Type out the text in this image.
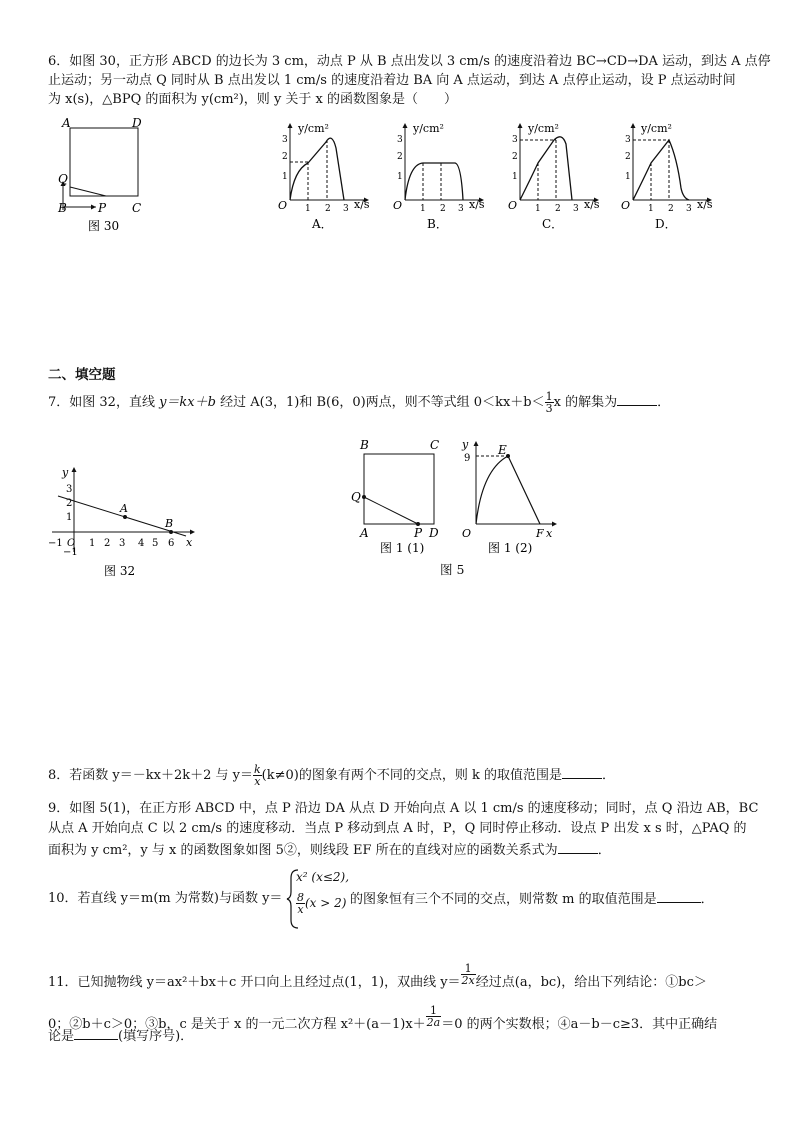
6．如图 30，正方形 ABCD 的边长为 3 cm，动点 P 从 B 点出发以 3 cm/s 的速度沿着边 BC→CD→DA 运动，到达 A 点停
止运动；另一动点 Q 同时从 B 点出发以 1 cm/s 的速度沿着边 BA 向 A 点运动，到达 A 点停止运动，设 P 点运动时间
为 x(s)，△BPQ 的面积为 y(cm²)，则 y 关于 x 的函数图象是（　　）
A	D
Q
B	P C
图 30
y/cm²
x/s
O
3
2
1
1 2 3
A．
y/cm²
x/s
O
3
2
1
1 2 3
B．
y/cm²
x/s
O
3
2
1
1 2 3
C．
y/cm²
x/s
O
3
2
1
1 2 3
D．
二、填空题
7．如图 32，直线 y＝kx＋b 经过 A(3，1)和 B(6，0)两点，则不等式组 $0<kx+b< \frac{1}{3}$ x 的解集为	．
y
x
−1 O
−1
3
2
1
1 2 3 4 5 6
A
B
图 32
B	C
Q
A	P D
图 1 (1)
y
x
O
9
E
F
图 1 (2)
图 5
8．若函数 y＝－kx＋2k＋2 与 $y= \frac{k}{x} (k\ne 0)$的图象有两个不同的交点，则 k 的取值范围是	．
9．如图 5(1)，在正方形 ABCD 中，点 P 沿边 DA 从点 D 开始向点 A 以 1 cm/s 的速度移动；同时，点 Q 沿边 AB，BC
从点 A 开始向点 C 以 2 cm/s 的速度移动．当点 P 移动到点 A 时，P，Q 同时停止移动．设点 P 出发 x s 时，△PAQ 的
面积为 y cm²，y 与 x 的函数图象如图 5②，则线段 EF 所在的直线对应的函数关系式为	．
10．若直线 y＝m(m 为常数)与函数 y＝
x² (x≤2),
$\frac{8}{x} (x > 2)$ 的图象恒有三个不同的交点，则常数 m 的取值范围是	．
11．已知抛物线 y＝ax²＋bx＋c 开口向上且经过点(1，1)，双曲线 $y= \frac{1}{2x}$ 经过点(a，bc)，给出下列结论：①bc＞
0；②b＋c＞0；③b，c 是关于 x 的一元二次方程 $x^2+(a-1)x+ \frac{1}{2a} =0$ 的两个实数根；④a－b－c≥3．其中正确结
论是	(填写序号)．
